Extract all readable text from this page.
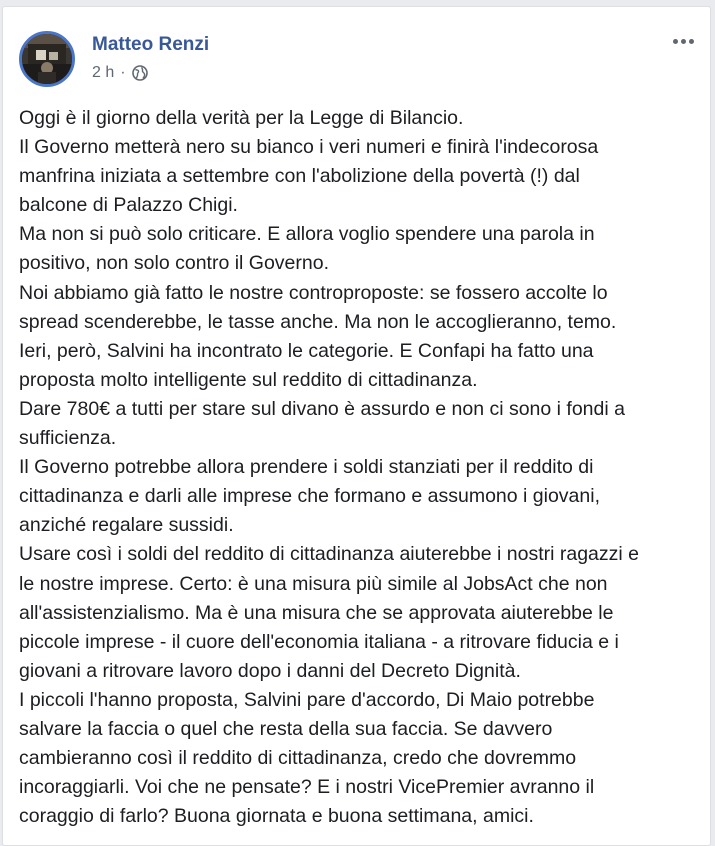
Matteo Renzi
2 h ·
Oggi è il giorno della verità per la Legge di Bilancio.
Il Governo metterà nero su bianco i veri numeri e finirà l'indecorosa
manfrina iniziata a settembre con l'abolizione della povertà (!) dal
balcone di Palazzo Chigi.
Ma non si può solo criticare. E allora voglio spendere una parola in
positivo, non solo contro il Governo.
Noi abbiamo già fatto le nostre controproposte: se fossero accolte lo
spread scenderebbe, le tasse anche. Ma non le accoglieranno, temo.
Ieri, però, Salvini ha incontrato le categorie. E Confapi ha fatto una
proposta molto intelligente sul reddito di cittadinanza.
Dare 780€ a tutti per stare sul divano è assurdo e non ci sono i fondi a
sufficienza.
Il Governo potrebbe allora prendere i soldi stanziati per il reddito di
cittadinanza e darli alle imprese che formano e assumono i giovani,
anziché regalare sussidi.
Usare così i soldi del reddito di cittadinanza aiuterebbe i nostri ragazzi e
le nostre imprese. Certo: è una misura più simile al JobsAct che non
all'assistenzialismo. Ma è una misura che se approvata aiuterebbe le
piccole imprese - il cuore dell'economia italiana - a ritrovare fiducia e i
giovani a ritrovare lavoro dopo i danni del Decreto Dignità.
I piccoli l'hanno proposta, Salvini pare d'accordo, Di Maio potrebbe
salvare la faccia o quel che resta della sua faccia. Se davvero
cambieranno così il reddito di cittadinanza, credo che dovremmo
incoraggiarli. Voi che ne pensate? E i nostri VicePremier avranno il
coraggio di farlo? Buona giornata e buona settimana, amici.
